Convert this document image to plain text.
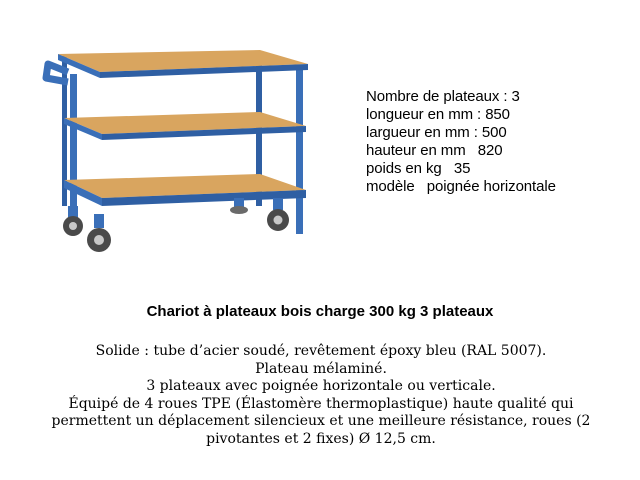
Nombre de plateaux : 3
longueur en mm : 850
largueur en mm : 500
hauteur en mm   820
poids en kg   35
modèle   poignée horizontale
Chariot à plateaux bois charge 300 kg 3 plateaux
Solide : tube d’acier soudé, revêtement époxy bleu (RAL 5007).
Plateau mélaminé.
3 plateaux avec poignée horizontale ou verticale.
Équipé de 4 roues TPE (Élastomère thermoplastique) haute qualité qui
permettent un déplacement silencieux et une meilleure résistance, roues (2
pivotantes et 2 fixes) Ø 12,5 cm.
